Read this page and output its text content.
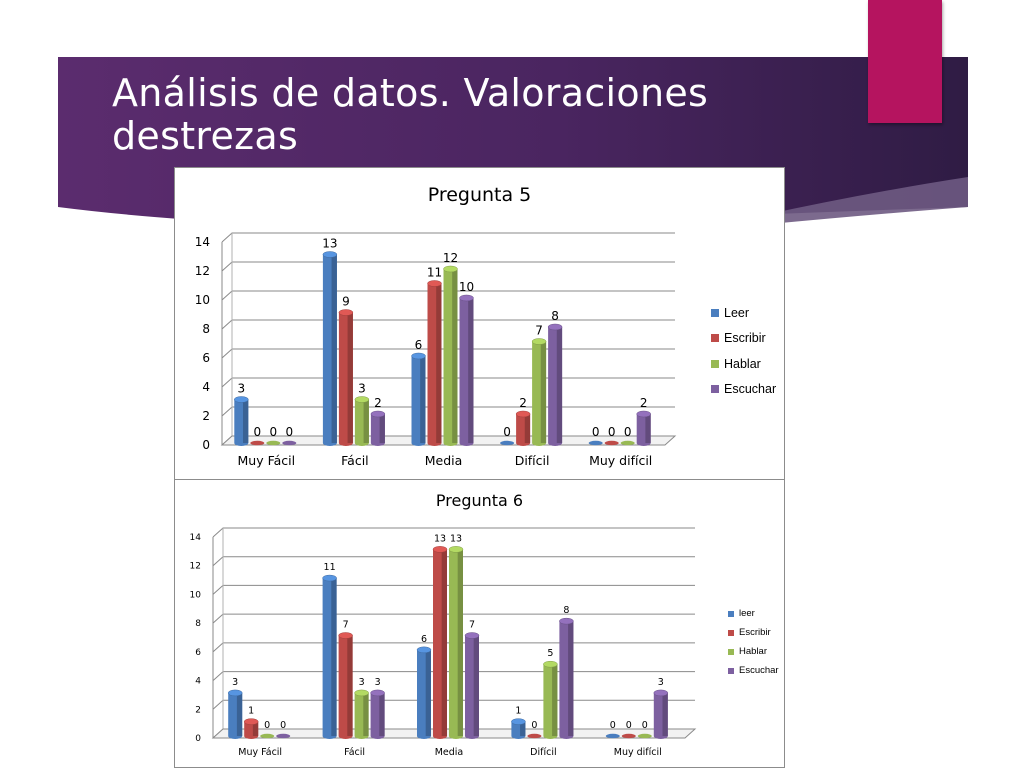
Análisis de datos. Valoraciones destrezas
Pregunta 5
0
2
4
6
8
10
12
14
3
0 0 0
13
9
3
2
6
11
12
10
0
2
7
8
0 0 0
2
Muy Fácil	Fácil	Media	Difícil	Muy difícil
Leer
Escribir
Hablar
Escuchar
Pregunta 6
0
2
4
6
8
10
12
14
3
1
0 0
11
7
3 3
6
13 13
7
1
0
5
8
0 0 0
3
Muy Fácil	Fácil	Media	Difícil	Muy difícil
leer
Escribir
Hablar
Escuchar
